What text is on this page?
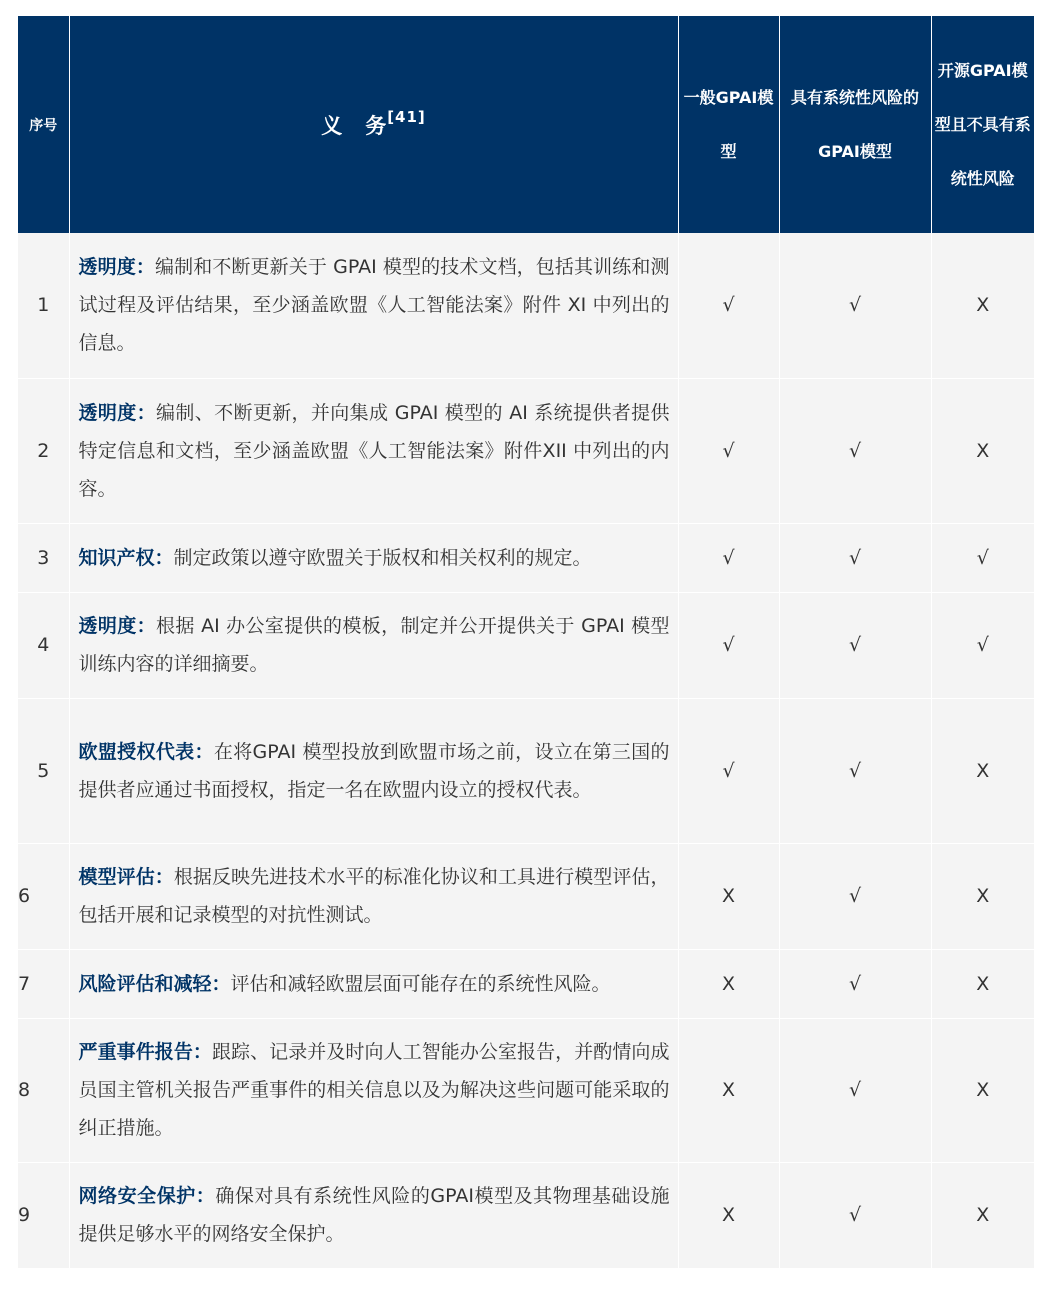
序号	义　务[41]	一般GPAI模型	具有系统性风险的GPAI模型	开源GPAI模型且不具有系统性风险
1	透明度：编制和不断更新关于 GPAI 模型的技术文档，包括其训练和测试过程及评估结果，至少涵盖欧盟《人工智能法案》附件 XI 中列出的信息。	√	√	X
2	透明度：编制、不断更新，并向集成 GPAI 模型的 AI 系统提供者提供特定信息和文档，至少涵盖欧盟《人工智能法案》附件XII 中列出的内容。	√	√	X
3	知识产权：制定政策以遵守欧盟关于版权和相关权利的规定。	√	√	√
4	透明度：根据 AI 办公室提供的模板，制定并公开提供关于 GPAI 模型训练内容的详细摘要。	√	√	√
5	欧盟授权代表：在将GPAI 模型投放到欧盟市场之前，设立在第三国的提供者应通过书面授权，指定一名在欧盟内设立的授权代表。	√	√	X
6	模型评估：根据反映先进技术水平的标准化协议和工具进行模型评估，包括开展和记录模型的对抗性测试。	X	√	X
7	风险评估和减轻：评估和减轻欧盟层面可能存在的系统性风险。	X	√	X
8	严重事件报告：跟踪、记录并及时向人工智能办公室报告，并酌情向成员国主管机关报告严重事件的相关信息以及为解决这些问题可能采取的纠正措施。	X	√	X
9	网络安全保护：确保对具有系统性风险的GPAI模型及其物理基础设施提供足够水平的网络安全保护。	X	√	X
